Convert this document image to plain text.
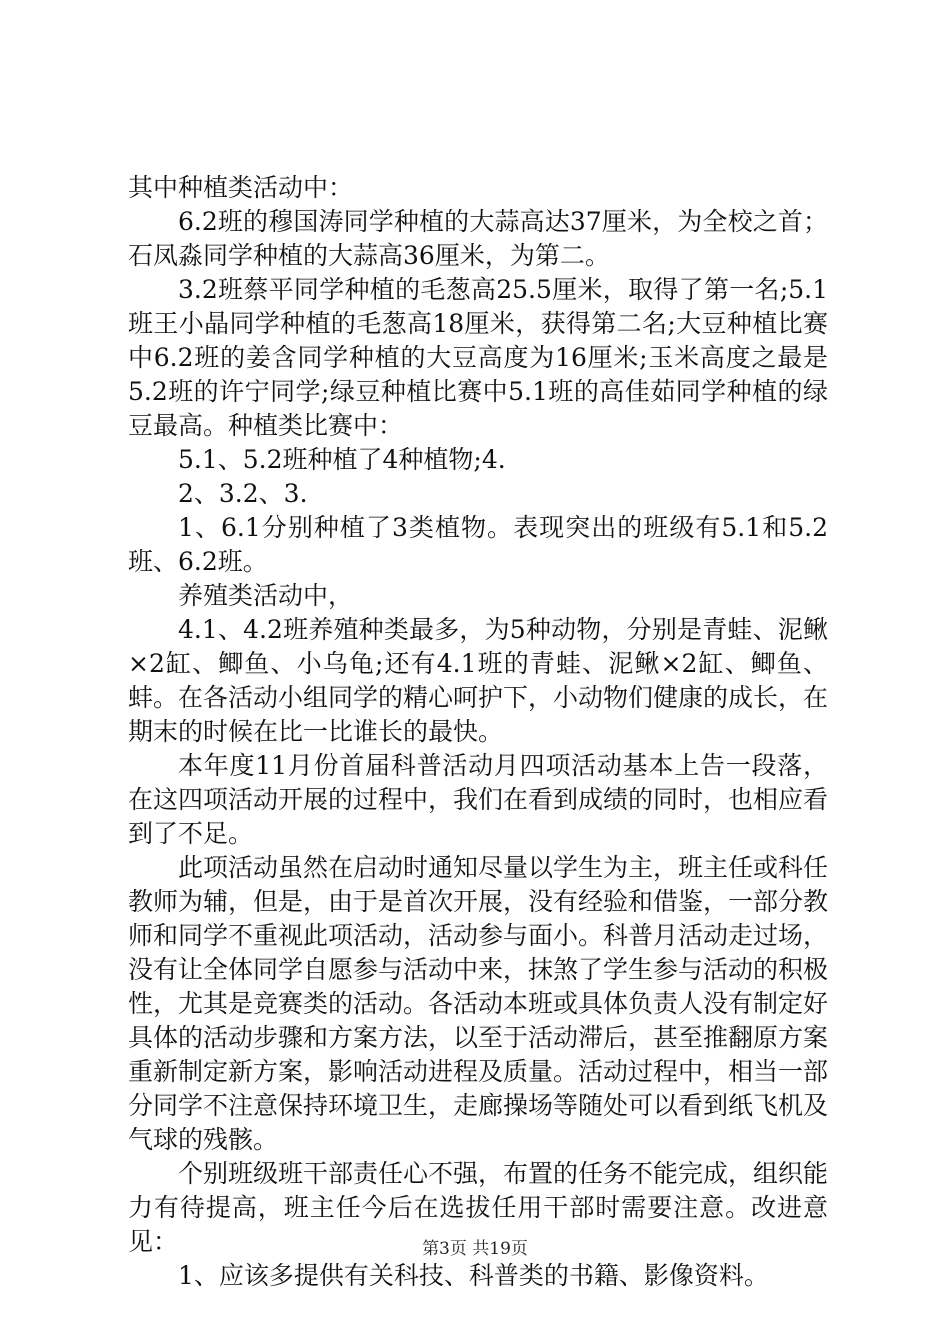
其中种植类活动中：

6.2班的穆国涛同学种植的大蒜高达37厘米，为全校之首；石凤淼同学种植的大蒜高36厘米，为第二。

3.2班蔡平同学种植的毛葱高25.5厘米，取得了第一名;5.1班王小晶同学种植的毛葱高18厘米，获得第二名;大豆种植比赛中6.2班的姜含同学种植的大豆高度为16厘米;玉米高度之最是5.2班的许宁同学;绿豆种植比赛中5.1班的高佳茹同学种植的绿豆最高。种植类比赛中：

5.1、5.2班种植了4种植物;4.

2、3.2、3.

1、6.1分别种植了3类植物。表现突出的班级有5.1和5.2班、6.2班。

养殖类活动中，

4.1、4.2班养殖种类最多，为5种动物，分别是青蛙、泥鳅×2缸、鲫鱼、小乌龟;还有4.1班的青蛙、泥鳅×2缸、鲫鱼、蚌。在各活动小组同学的精心呵护下，小动物们健康的成长，在期末的时候在比一比谁长的最快。

本年度11月份首届科普活动月四项活动基本上告一段落，在这四项活动开展的过程中，我们在看到成绩的同时，也相应看到了不足。

此项活动虽然在启动时通知尽量以学生为主，班主任或科任教师为辅，但是，由于是首次开展，没有经验和借鉴，一部分教师和同学不重视此项活动，活动参与面小。科普月活动走过场，没有让全体同学自愿参与活动中来，抹煞了学生参与活动的积极性，尤其是竞赛类的活动。各活动本班或具体负责人没有制定好具体的活动步骤和方案方法，以至于活动滞后，甚至推翻原方案重新制定新方案，影响活动进程及质量。活动过程中，相当一部分同学不注意保持环境卫生，走廊操场等随处可以看到纸飞机及气球的残骸。

个别班级班干部责任心不强，布置的任务不能完成，组织能力有待提高，班主任今后在选拔任用干部时需要注意。改进意见：

1、应该多提供有关科技、科普类的书籍、影像资料。

第3页 共19页
